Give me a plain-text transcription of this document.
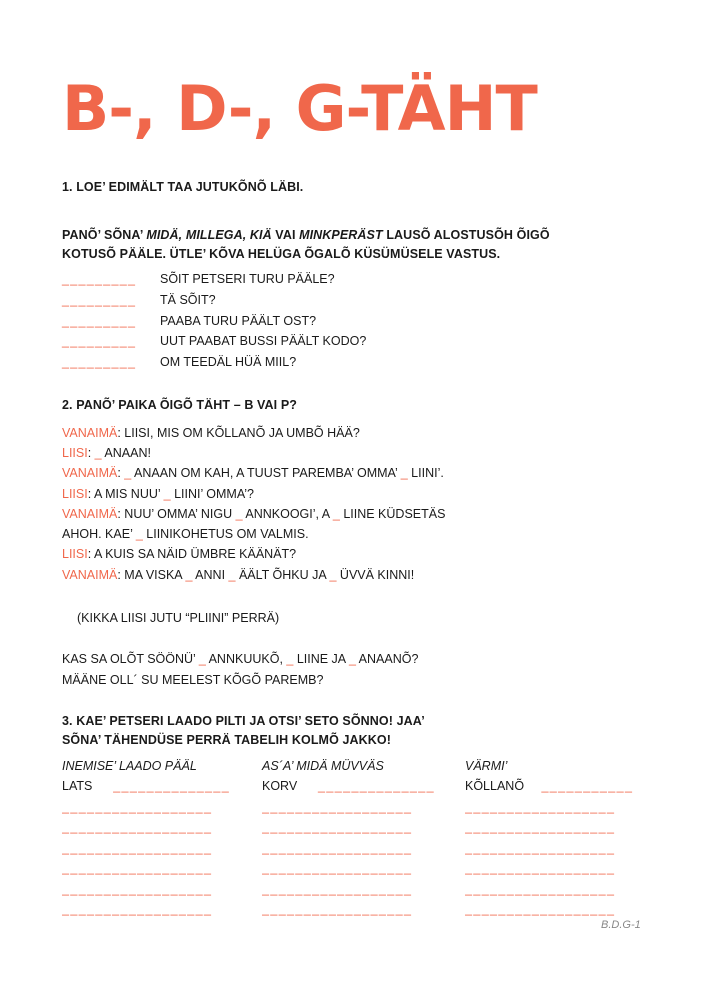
B-, D-, G-TÄHT
1. LOE’ EDIMÄLT TAA JUTUKÕNÕ LÄBI.
PANÕ’ SÕNA’ MIDÄ, MILLEGA, KIÄ VAI MINKPERÄST LAUSÕ ALOSTUSÕH ÕIGÕ
KOTUSÕ PÄÄLE. ÜTLE’ KÕVA HELÜGA ÕGALÕ KÜSÜMÜSELE VASTUS.
_________ SÕIT PETSERI TURU PÄÄLE?
_________ TÄ SÕIT?
_________ PAABA TURU PÄÄLT OST?
_________ UUT PAABAT BUSSI PÄÄLT KODO?
_________ OM TEEDÄL HÜÄ MIIL?
2. PANÕ’ PAIKA ÕIGÕ TÄHT – B VAI P?
VANAIMÄ: LIISI, MIS OM KÕLLANÕ JA UMBÕ HÄÄ?
LIISI: _ ANAAN!
VANAIMÄ: _ ANAAN OM KAH, A TUUST PAREMBA’ OMMA’ _ LIINI’.
LIISI: A MIS NUU’ _ LIINI’ OMMA’?
VANAIMÄ: NUU’ OMMA’ NIGU _ ANNKOOGI’, A _ LIINE KÜDSETÄS
AHOH. KAE’ _ LIINIKOHETUS OM VALMIS.
LIISI: A KUIS SA NÄID ÜMBRE KÄÄNÄT?
VANAIMÄ: MA VISKA _ ANNI _ ÄÄLT ÕHKU JA _ ÜVVÄ KINNI!
(KIKKA LIISI JUTU “PLIINI” PERRÄ)
KAS SA OLÕT SÖÖNÜ’ _ ANNKUUKÕ, _ LIINE JA _ ANAANÕ?
MÄÄNE OLL´ SU MEELEST KÕGÕ PAREMB?
3. KAE’ PETSERI LAADO PILTI JA OTSI’ SETO SÕNNO! JAA’
SÕNA’ TÄHENDÜSE PERRÄ TABELIH KOLMÕ JAKKO!
INEMISE’ LAADO PÄÄL
LATS ______________
__________________
__________________
__________________
__________________
__________________
__________________
AS´A’ MIDÄ MÜVVÄS
KORV ______________
__________________
__________________
__________________
__________________
__________________
__________________
VÄRMI’
KÕLLANÕ ___________
__________________
__________________
__________________
__________________
__________________
__________________
B.D.G-1
